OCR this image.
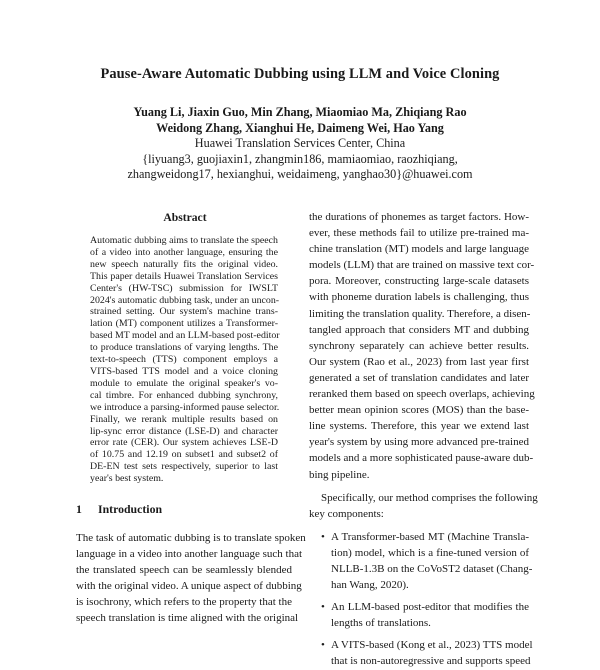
Pause-Aware Automatic Dubbing using LLM and Voice Cloning
Yuang Li, Jiaxin Guo, Min Zhang, Miaomiao Ma, Zhiqiang Rao
Weidong Zhang, Xianghui He, Daimeng Wei, Hao Yang
Huawei Translation Services Center, China
{liyuang3, guojiaxin1, zhangmin186, mamiaomiao, raozhiqiang,
zhangweidong17, hexianghui, weidaimeng, yanghao30}@huawei.com
Abstract
Automatic dubbing aims to translate the speech
of a video into another language, ensuring the
new speech naturally fits the original video.
This paper details Huawei Translation Services
Center's (HW-TSC) submission for IWSLT
2024's automatic dubbing task, under an uncon-
strained setting. Our system's machine trans-
lation (MT) component utilizes a Transformer-
based MT model and an LLM-based post-editor
to produce translations of varying lengths. The
text-to-speech (TTS) component employs a
VITS-based TTS model and a voice cloning
module to emulate the original speaker's vo-
cal timbre. For enhanced dubbing synchrony,
we introduce a parsing-informed pause selector.
Finally, we rerank multiple results based on
lip-sync error distance (LSE-D) and character
error rate (CER). Our system achieves LSE-D
of 10.75 and 12.19 on subset1 and subset2 of
DE-EN test sets respectively, superior to last
year's best system.
1 Introduction
The task of automatic dubbing is to translate spoken
language in a video into another language such that
the translated speech can be seamlessly blended
with the original video. A unique aspect of dubbing
is isochrony, which refers to the property that the
speech translation is time aligned with the original
the durations of phonemes as target factors. How-
ever, these methods fail to utilize pre-trained ma-
chine translation (MT) models and large language
models (LLM) that are trained on massive text cor-
pora. Moreover, constructing large-scale datasets
with phoneme duration labels is challenging, thus
limiting the translation quality. Therefore, a disen-
tangled approach that considers MT and dubbing
synchrony separately can achieve better results.
Our system (Rao et al., 2023) from last year first
generated a set of translation candidates and later
reranked them based on speech overlaps, achieving
better mean opinion scores (MOS) than the base-
line systems. Therefore, this year we extend last
year's system by using more advanced pre-trained
models and a more sophisticated pause-aware dub-
bing pipeline.
Specifically, our method comprises the following
key components:
• A Transformer-based MT (Machine Transla-
tion) model, which is a fine-tuned version of
NLLB-1.3B on the CoVoST2 dataset (Chang-
han Wang, 2020).
• An LLM-based post-editor that modifies the
lengths of translations.
• A VITS-based (Kong et al., 2023) TTS model
that is non-autoregressive and supports speed
